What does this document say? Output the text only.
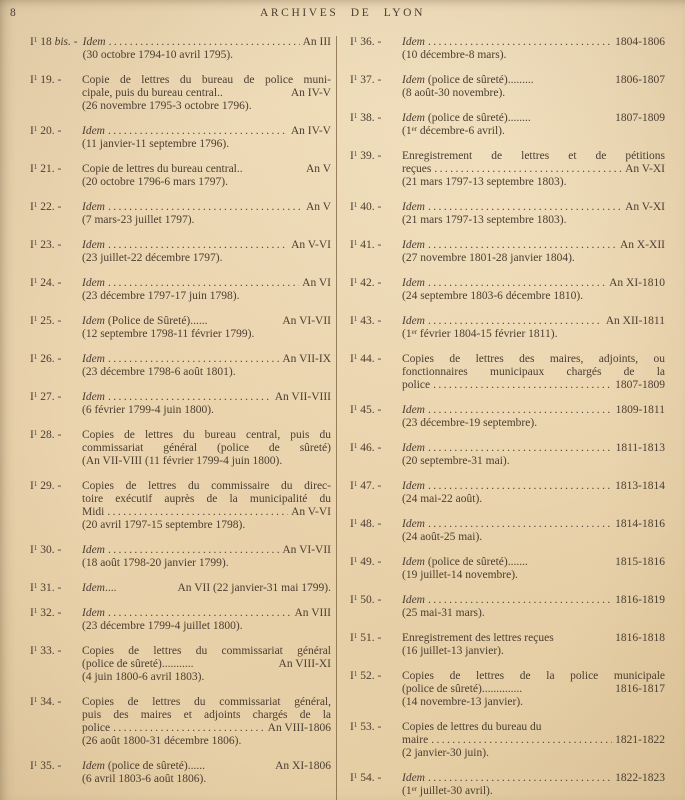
8	ARCHIVES DE LYON
$I^1$ 18 bis. - Idem .....	An III
(30 octobre 1794-10 avril 1795).
$I^1$ 19. -	Copie de lettres du bureau de police muni-
cipale, puis du bureau central..	An IV-V
(26 novembre 1795-3 octobre 1796).
$I^1$ 20. -	Idem .....	An IV-V
(11 janvier-11 septembre 1796).
$I^1$ 21. -	Copie de lettres du bureau central..	An V
(20 octobre 1796-6 mars 1797).
$I^1$ 22. -	Idem .....	An V
(7 mars-23 juillet 1797).
$I^1$ 23. -	Idem .....	An V-VI
(23 juillet-22 décembre 1797).
$I^1$ 24. -	Idem .....	An VI
(23 décembre 1797-17 juin 1798).
$I^1$ 25. -	Idem (Police de Sûreté)......	An VI-VII
(12 septembre 1798-11 février 1799).
$I^1$ 26. -	Idem .....	An VII-IX
(23 décembre 1798-6 août 1801).
$I^1$ 27. -	Idem .....	An VII-VIII
(6 février 1799-4 juin 1800).
$I^1$ 28. -	Copies de lettres du bureau central, puis du
commissariat général (police de sûreté)
(An VII-VIII (11 février 1799-4 juin 1800).
$I^1$ 29. -	Copies de lettres du commissaire du direc-
toire exécutif auprès de la municipalité du
Midi .....	An V-VI
(20 avril 1797-15 septembre 1798).
$I^1$ 30. -	Idem .....	An VI-VII
(18 août 1798-20 janvier 1799).
$I^1$ 31. -	Idem....	An VII (22 janvier-31 mai 1799).
$I^1$ 32. -	Idem .....	An VIII
(23 décembre 1799-4 juillet 1800).
$I^1$ 33. -	Copies de lettres du commissariat général
(police de sûreté)...........	An VIII-XI
(4 juin 1800-6 avril 1803).
$I^1$ 34. -	Copies de lettres du commissariat général,
puis des maires et adjoints chargés de la
police .....	An VIII-1806
(26 août 1800-31 décembre 1806).
$I^1$ 35. -	Idem (police de sûreté)......	An XI-1806
(6 avril 1803-6 août 1806).
$I^1$ 36. -	Idem .....	1804-1806
(10 décembre-8 mars).
$I^1$ 37. -	Idem (police de sûreté).........	1806-1807
(8 août-30 novembre).
$I^1$ 38. -	Idem (police de sûreté)........	1807-1809
(1er décembre-6 avril).
$I^1$ 39. -	Enregistrement de lettres et de pétitions
reçues .....	An V-XI
(21 mars 1797-13 septembre 1803).
$I^1$ 40. -	Idem .....	An V-XI
(21 mars 1797-13 septembre 1803).
$I^1$ 41. -	Idem .....	An X-XII
(27 novembre 1801-28 janvier 1804).
$I^1$ 42. -	Idem .....	An XI-1810
(24 septembre 1803-6 décembre 1810).
$I^1$ 43. -	Idem .....	An XII-1811
(1er février 1804-15 février 1811).
$I^1$ 44. -	Copies de lettres des maires, adjoints, ou
fonctionnaires municipaux chargés de la
police .....	1807-1809
$I^1$ 45. -	Idem .....	1809-1811
(23 décembre-19 septembre).
$I^1$ 46. -	Idem .....	1811-1813
(20 septembre-31 mai).
$I^1$ 47. -	Idem .....	1813-1814
(24 mai-22 août).
$I^1$ 48. -	Idem .....	1814-1816
(24 août-25 mai).
$I^1$ 49. -	Idem (police de sûreté).......	1815-1816
(19 juillet-14 novembre).
$I^1$ 50. -	Idem .....	1816-1819
(25 mai-31 mars).
$I^1$ 51. -	Enregistrement des lettres reçues	1816-1818
(16 juillet-13 janvier).
$I^1$ 52. -	Copies de lettres de la police municipale
(police de sûreté)..............	1816-1817
(14 novembre-13 janvier).
$I^1$ 53. -	Copies de lettres du bureau du
maire .....	1821-1822
(2 janvier-30 juin).
$I^1$ 54. -	Idem .....	1822-1823
(1er juillet-30 avril).
